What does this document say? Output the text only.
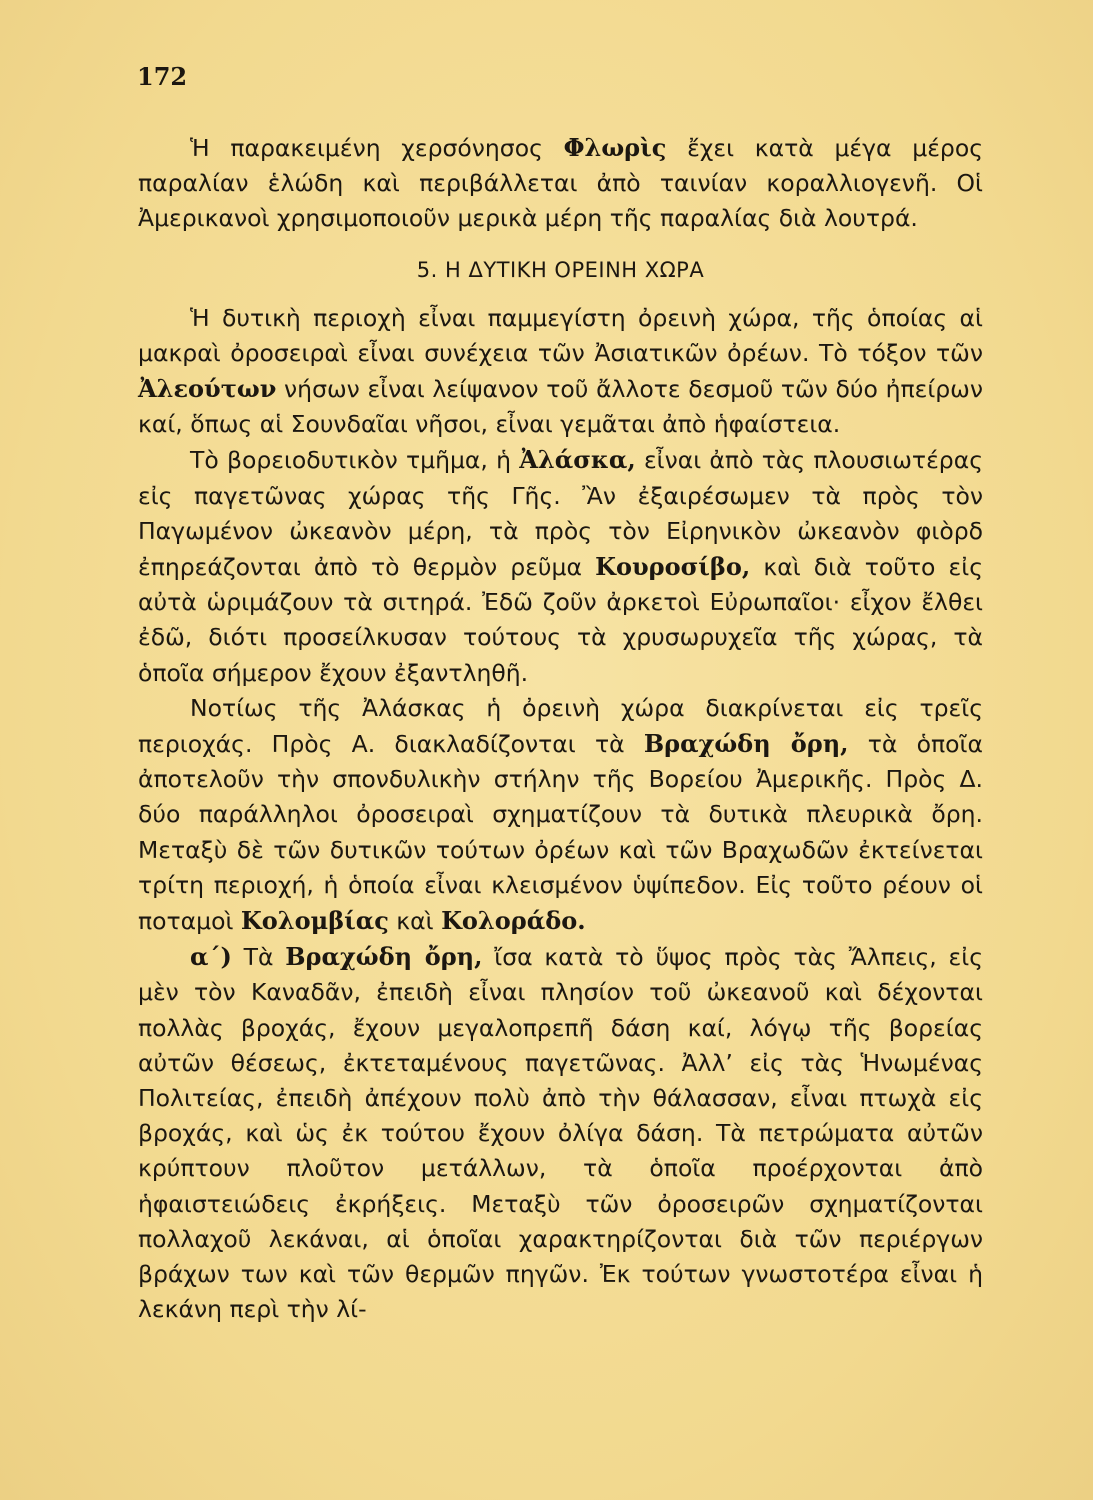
172

Ἡ παρακειμένη χερσόνησος Φλωρὶς ἔχει κατὰ μέγα μέρος παραλίαν ἑλώδη καὶ περιβάλλεται ἀπὸ ταινίαν κοραλλιογενῆ. Οἱ Ἀμερικανοὶ χρησιμοποιοῦν μερικὰ μέρη τῆς παραλίας διὰ λουτρά.

5. Η ΔΥΤΙΚΗ ΟΡΕΙΝΗ ΧΩΡΑ

Ἡ δυτικὴ περιοχὴ εἶναι παμμεγίστη ὀρεινὴ χώρα, τῆς ὁποίας αἱ μακραὶ ὀροσειραὶ εἶναι συνέχεια τῶν Ἀσιατικῶν ὀρέων. Τὸ τόξον τῶν Ἀλεούτων νήσων εἶναι λείψανον τοῦ ἄλλοτε δεσμοῦ τῶν δύο ἠπείρων καί, ὅπως αἱ Σουνδαῖαι νῆσοι, εἶναι γεμᾶται ἀπὸ ἡφαίστεια.

Τὸ βορειοδυτικὸν τμῆμα, ἡ Ἀλάσκα, εἶναι ἀπὸ τὰς πλουσιωτέρας εἰς παγετῶνας χώρας τῆς Γῆς. Ἂν ἐξαιρέσωμεν τὰ πρὸς τὸν Παγωμένον ὠκεανὸν μέρη, τὰ πρὸς τὸν Εἰρηνικὸν ὠκεανὸν φιὸρδ ἐπηρεάζονται ἀπὸ τὸ θερμὸν ρεῦμα Κουροσίβο, καὶ διὰ τοῦτο εἰς αὐτὰ ὡριμάζουν τὰ σιτηρά. Ἐδῶ ζοῦν ἀρκετοὶ Εὐρωπαῖοι· εἶχον ἔλθει ἐδῶ, διότι προσείλκυσαν τούτους τὰ χρυσωρυχεῖα τῆς χώρας, τὰ ὁποῖα σήμερον ἔχουν ἐξαντληθῆ.

Νοτίως τῆς Ἀλάσκας ἡ ὀρεινὴ χώρα διακρίνεται εἰς τρεῖς περιοχάς. Πρὸς Α. διακλαδίζονται τὰ Βραχώδη ὄρη, τὰ ὁποῖα ἀποτελοῦν τὴν σπονδυλικὴν στήλην τῆς Βορείου Ἀμερικῆς. Πρὸς Δ. δύο παράλληλοι ὀροσειραὶ σχηματίζουν τὰ δυτικὰ πλευρικὰ ὄρη. Μεταξὺ δὲ τῶν δυτικῶν τούτων ὀρέων καὶ τῶν Βραχωδῶν ἐκτείνεται τρίτη περιοχή, ἡ ὁποία εἶναι κλεισμένον ὑψίπεδον. Εἰς τοῦτο ρέουν οἱ ποταμοὶ Κολομβίας καὶ Κολοράδο.

α΄) Τὰ Βραχώδη ὄρη, ἴσα κατὰ τὸ ὕψος πρὸς τὰς Ἄλπεις, εἰς μὲν τὸν Καναδᾶν, ἐπειδὴ εἶναι πλησίον τοῦ ὠκεανοῦ καὶ δέχονται πολλὰς βροχάς, ἔχουν μεγαλοπρεπῆ δάση καί, λόγῳ τῆς βορείας αὐτῶν θέσεως, ἐκτεταμένους παγετῶνας. Ἀλλ’ εἰς τὰς Ἡνωμένας Πολιτείας, ἐπειδὴ ἀπέχουν πολὺ ἀπὸ τὴν θάλασσαν, εἶναι πτωχὰ εἰς βροχάς, καὶ ὡς ἐκ τούτου ἔχουν ὀλίγα δάση. Τὰ πετρώματα αὐτῶν κρύπτουν πλοῦτον μετάλλων, τὰ ὁποῖα προέρχονται ἀπὸ ἡφαιστειώδεις ἐκρήξεις. Μεταξὺ τῶν ὀροσειρῶν σχηματίζονται πολλαχοῦ λεκάναι, αἱ ὁποῖαι χαρακτηρίζονται διὰ τῶν περιέργων βράχων των καὶ τῶν θερμῶν πηγῶν. Ἐκ τούτων γνωστοτέρα εἶναι ἡ λεκάνη περὶ τὴν λί-
